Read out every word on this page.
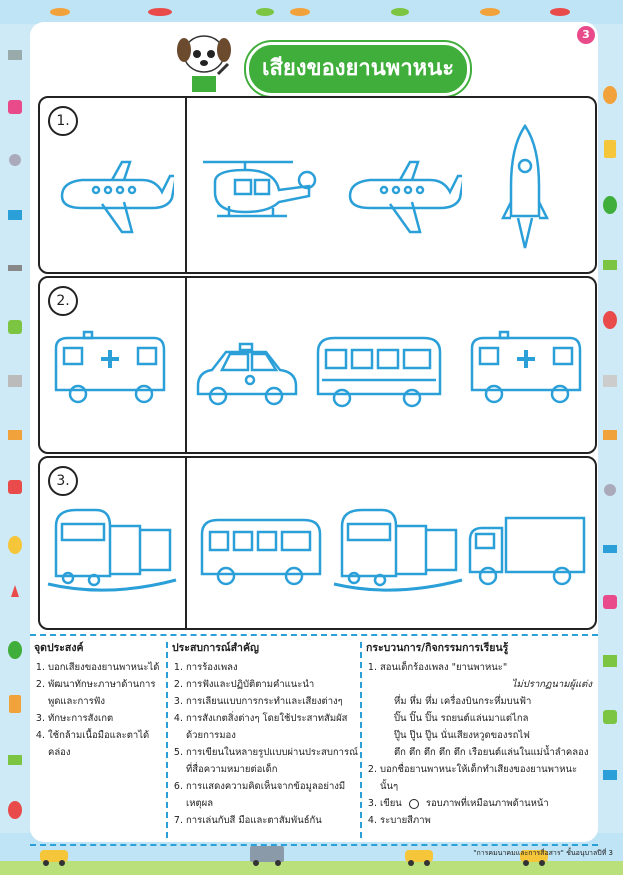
3
เสียงของยานพาหนะ
1.
2.
3.
จุดประสงค์
1. บอกเสียงของยานพาหนะได้
2. พัฒนาทักษะภาษาด้านการพูดและการฟัง
3. ทักษะการสังเกต
4. ใช้กล้ามเนื้อมือและตาได้คล่อง
ประสบการณ์สำคัญ
1. การร้องเพลง
2. การฟังและปฏิบัติตามคำแนะนำ
3. การเลียนแบบการกระทำและเสียงต่างๆ
4. การสังเกตสิ่งต่างๆ โดยใช้ประสาทสัมผัสด้วยการมอง
5. การเขียนในหลายรูปแบบผ่านประสบการณ์ที่สื่อความหมายต่อเด็ก
6. การแสดงความคิดเห็นจากข้อมูลอย่างมีเหตุผล
7. การเล่นกับสี มือและตาสัมพันธ์กัน
กระบวนการ/กิจกรรมการเรียนรู้
1. สอนเด็กร้องเพลง "ยานพาหนะ"
ไม่ปรากฏนามผู้แต่ง
หึ่ม หึ่ม หึ่ม เครื่องบินกระหึ่มบนฟ้า
ปิ๊น ปิ๊น ปิ๊น รถยนต์แล่นมาแต่ไกล
ปู๊น ปู๊น ปู๊น นั่นเสียงหวูดของรถไฟ
ตึก ตึก ตึก ตึก ตึก เรือยนต์แล่นในแม่น้ำลำคลอง
2. บอกชื่อยานพาหนะให้เด็กทำเสียงของยานพาหนะนั้นๆ
3. เขียน	รอบภาพที่เหมือนภาพด้านหน้า
4. ระบายสีภาพ
"การคมนาคมและการสื่อสาร" ชั้นอนุบาลปีที่ 3
